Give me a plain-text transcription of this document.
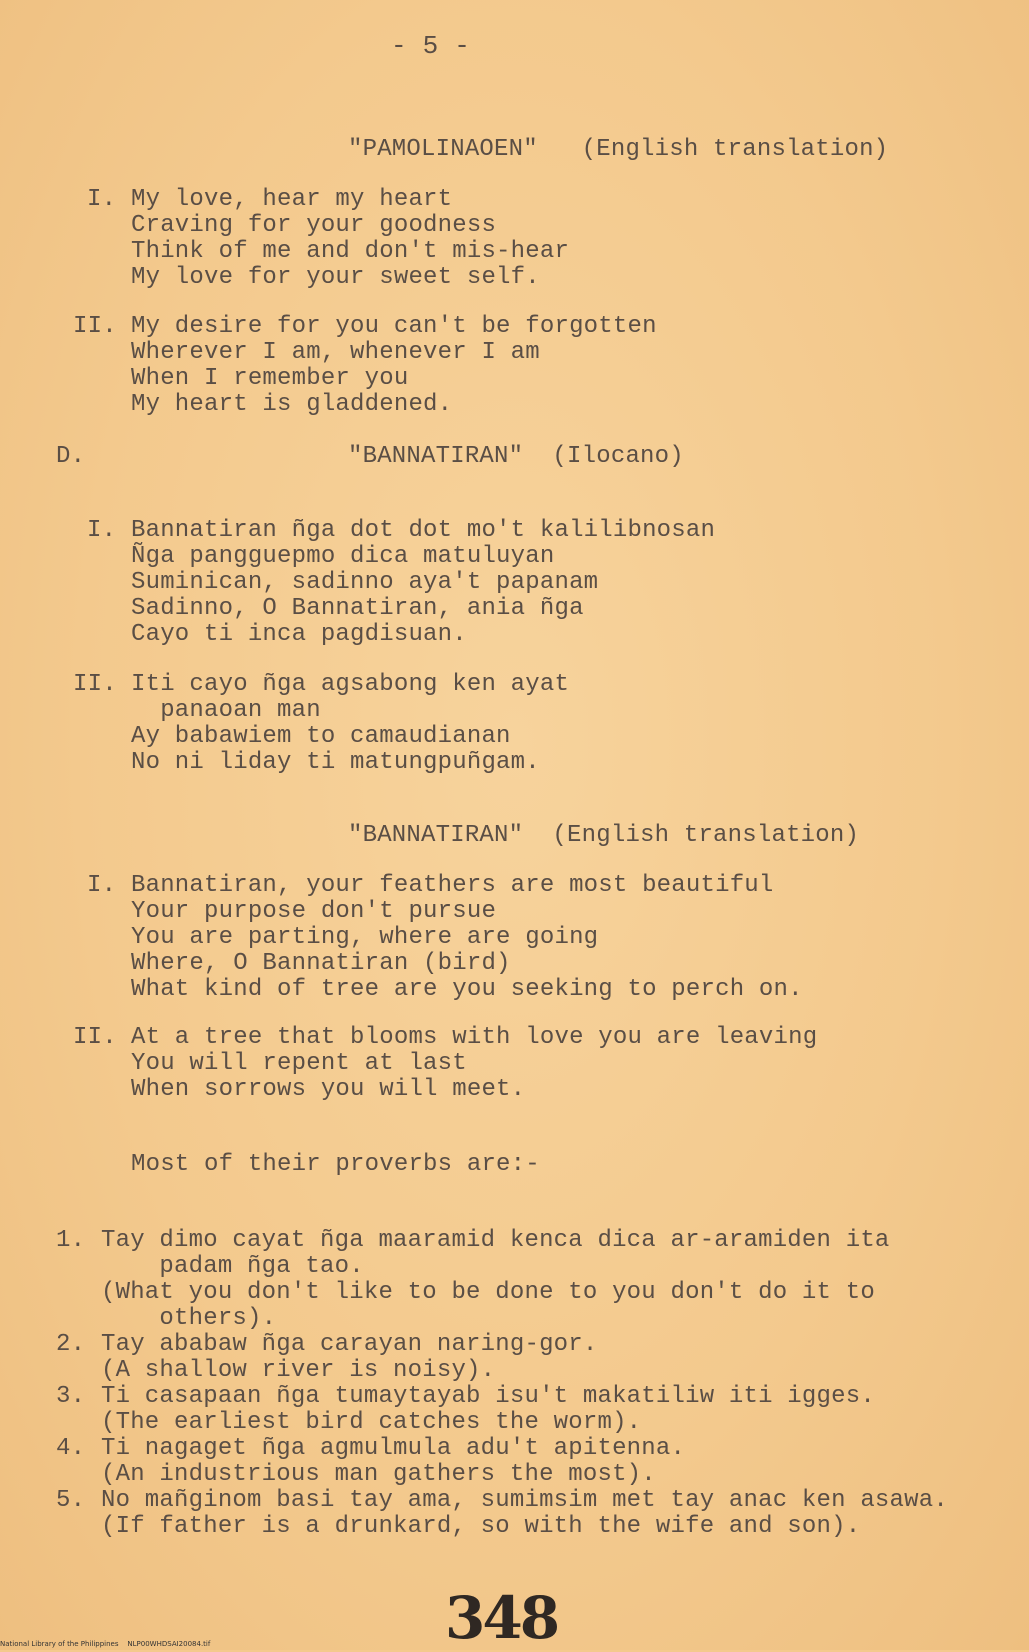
- 5 -
"PAMOLINAOEN"   (English translation)
I. My love, hear my heart
Craving for your goodness
Think of me and don't mis-hear
My love for your sweet self.
II. My desire for you can't be forgotten
Wherever I am, whenever I am
When I remember you
My heart is gladdened.
D.	"BANNATIRAN"  (Ilocano)
I. Bannatiran ñga dot dot mo't kalilibnosan
Ñga pangguepmo dica matuluyan
Suminican, sadinno aya't papanam
Sadinno, O Bannatiran, ania ñga
Cayo ti inca pagdisuan.
II. Iti cayo ñga agsabong ken ayat
panaoan man
Ay babawiem to camaudianan
No ni liday ti matungpuñgam.
"BANNATIRAN"  (English translation)
I. Bannatiran, your feathers are most beautiful
Your purpose don't pursue
You are parting, where are going
Where, O Bannatiran (bird)
What kind of tree are you seeking to perch on.
II. At a tree that blooms with love you are leaving
You will repent at last
When sorrows you will meet.
Most of their proverbs are:-
1. Tay dimo cayat ñga maaramid kenca dica ar-aramiden ita
padam ñga tao.
(What you don't like to be done to you don't do it to
others).
2. Tay ababaw ñga carayan naring-gor.
(A shallow river is noisy).
3. Ti casapaan ñga tumaytayab isu't makatiliw iti igges.
(The earliest bird catches the worm).
4. Ti nagaget ñga agmulmula adu't apitenna.
(An industrious man gathers the most).
5. No mañginom basi tay ama, sumimsim met tay anac ken asawa.
(If father is a drunkard, so with the wife and son).
348
National Library of the Philippines NLP00WHDSAI20084.tif
